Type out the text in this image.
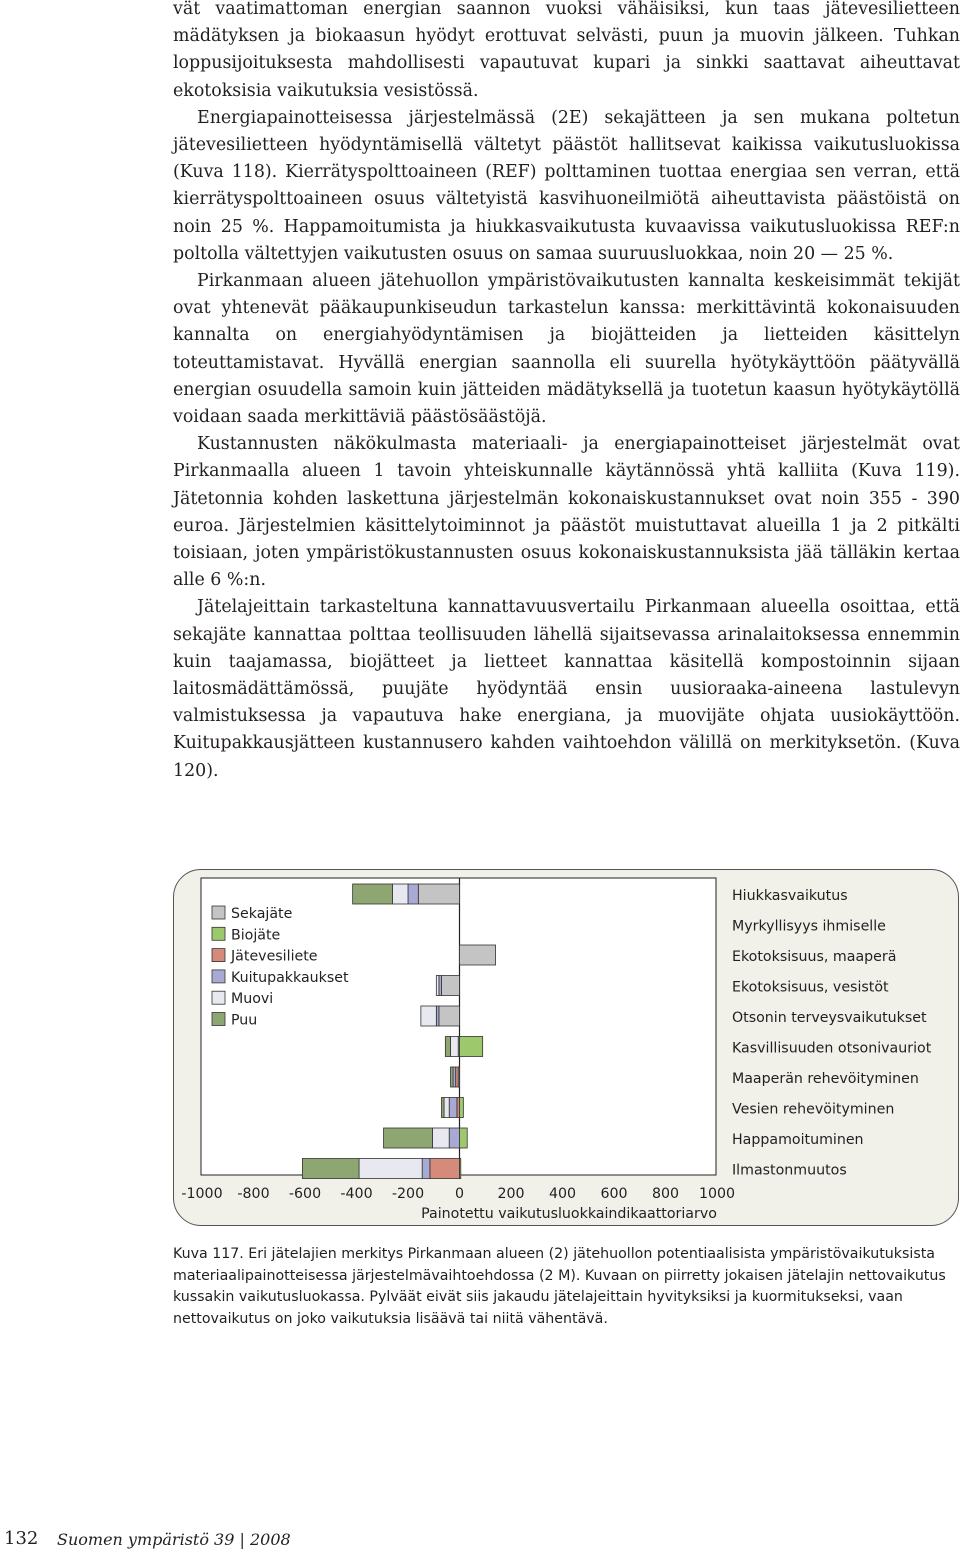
vät vaatimattoman energian saannon vuoksi vähäisiksi, kun taas jätevesilietteen mädätyksen ja biokaasun hyödyt erottuvat selvästi, puun ja muovin jälkeen. Tuhkan loppusijoituksesta mahdollisesti vapautuvat kupari ja sinkki saattavat aiheuttavat ekotoksisia vaikutuksia vesistössä.

Energiapainotteisessa järjestelmässä (2E) sekajätteen ja sen mukana poltetun jätevesilietteen hyödyntämisellä vältetyt päästöt hallitsevat kaikissa vaikutusluokissa (Kuva 118). Kierrätyspolttoaineen (REF) polttaminen tuottaa energiaa sen verran, että kierrätyspolttoaineen osuus vältetyistä kasvihuoneilmiötä aiheuttavista päästöistä on noin 25 %. Happamoitumista ja hiukkasvaikutusta kuvaavissa vaikutusluokissa REF:n poltolla vältettyjen vaikutusten osuus on samaa suuruusluokkaa, noin 20 — 25 %.

Pirkanmaan alueen jätehuollon ympäristövaikutusten kannalta keskeisimmät tekijät ovat yhtenevät pääkaupunkiseudun tarkastelun kanssa: merkittävintä kokonaisuuden kannalta on energiahyödyntämisen ja biojätteiden ja lietteiden käsittelyn toteuttamistavat. Hyvällä energian saannolla eli suurella hyötykäyttöön päätyvällä energian osuudella samoin kuin jätteiden mädätyksellä ja tuotetun kaasun hyötykäytöllä voidaan saada merkittäviä päästösäästöjä.

Kustannusten näkökulmasta materiaali- ja energiapainotteiset järjestelmät ovat Pirkanmaalla alueen 1 tavoin yhteiskunnalle käytännössä yhtä kalliita (Kuva 119). Jätetonnia kohden laskettuna järjestelmän kokonaiskustannukset ovat noin 355 - 390 euroa. Järjestelmien käsittelytoiminnot ja päästöt muistuttavat alueilla 1 ja 2 pitkälti toisiaan, joten ympäristökustannusten osuus kokonaiskustannuksista jää tälläkin kertaa alle 6 %:n.

Jätelajeittain tarkasteltuna kannattavuusvertailu Pirkanmaan alueella osoittaa, että sekajäte kannattaa polttaa teollisuuden lähellä sijaitsevassa arinalaitoksessa ennemmin kuin taajamassa, biojätteet ja lietteet kannattaa käsitellä kompostoinnin sijaan laitosmädättämössä, puujäte hyödyntää ensin uusioraaka-aineena lastulevyn valmistuksessa ja vapautuva hake energiana, ja muovijäte ohjata uusiokäyttöön. Kuitupakkausjätteen kustannusero kahden vaihtoehdon välillä on merkityksetön. (Kuva 120).

Hiukkasvaikutus
Myrkyllisyys ihmiselle
Ekotoksisuus, maaperä
Ekotoksisuus, vesistöt
Otsonin terveysvaikutukset
Kasvillisuuden otsonivauriot
Maaperän rehevöityminen
Vesien rehevöityminen
Happamoituminen
Ilmastonmuutos
-1000 -800 -600 -400 -200 0 200 400 600 800 1000
Painotettu vaikutusluokkaindikaattoriarvo
Sekajäte
Biojäte
Jätevesiliete
Kuitupakkaukset
Muovi
Puu
Kuva 117. Eri jätelajien merkitys Pirkanmaan alueen (2) jätehuollon potentiaalisista ympäristövaikutuksista materiaalipainotteisessa järjestelmävaihtoehdossa (2 M). Kuvaan on piirretty jokaisen jätelajin nettovaikutus kussakin vaikutusluokassa. Pylväät eivät siis jakaudu jätelajeittain hyvityksiksi ja kuormitukseksi, vaan nettovaikutus on joko vaikutuksia lisäävä tai niitä vähentävä.
132 Suomen ympäristö 39 | 2008
